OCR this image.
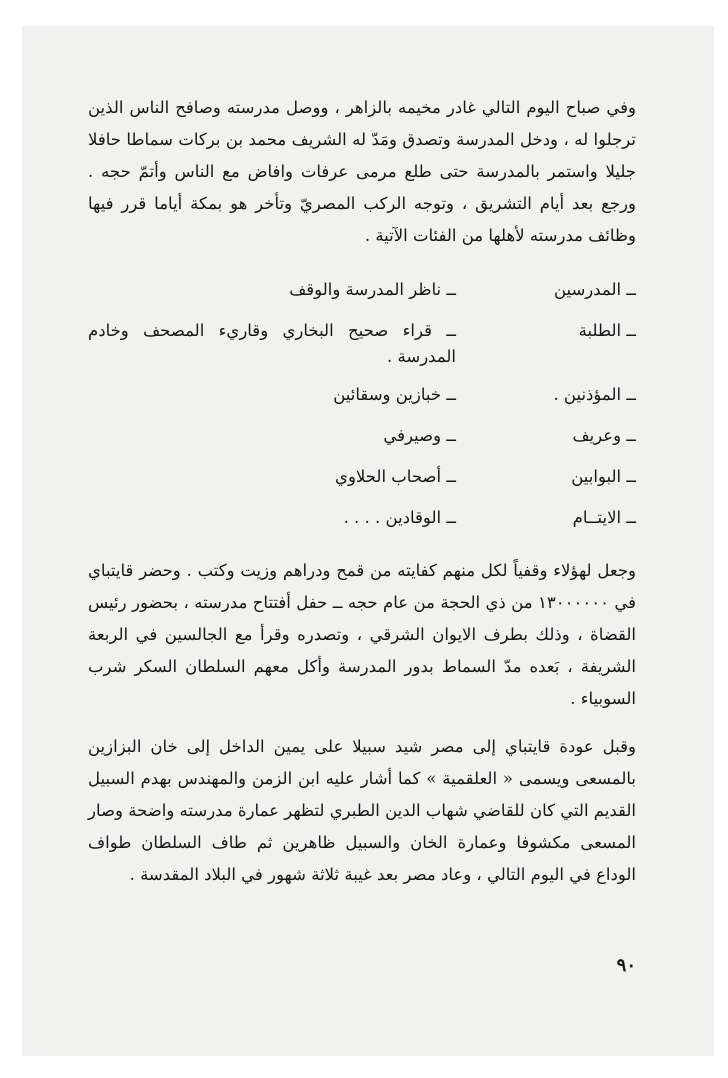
وفي صباح اليوم التالي غادر مخيمه بالزاهر ، ووصل مدرسته وصافح الناس الذين ترجلوا له ، ودخل المدرسة وتصدق ومَدّ له الشريف محمد بن بركات سماطا حافلا جليلا واستمر بالمدرسة حتى طلع مرمى عرفات وافاض مع الناس وأتمّ حجه . ورجع بعد أيام التشريق ، وتوجه الركب المصريّ وتأخر هو بمكة أياما قرر فيها وظائف مدرسته لأهلها من الفئات الآتية .

ــ المدرسين
ــ ناظر المدرسة والوقف
ــ الطلبة
ــ قراء صحيح البخاري وقاريء المصحف وخادم المدرسة .
ــ المؤذنين .
ــ خبازين وسقائين
ــ وعريف
ــ وصيرفي
ــ البوابين
ــ أصحاب الحلاوي
ــ الايتــام
ــ الوقادين . . . .

وجعل لهؤلاء وقفياً لكل منهم كفايته من قمح ودراهم وزيت وكتب . وحضر قايتباي في ١٣٠٠٠٠٠٠ من ذي الحجة من عام حجه ــ حفل أفتتاح مدرسته ، بحضور رئيس القضاة ، وذلك بطرف الايوان الشرقي ، وتصدره وقرأ مع الجالسين في الربعة الشريفة ، بَعده مدّ السماط بدور المدرسة وأكل معهم السلطان السكر شرب السوبياء .

وقبل عودة قايتباي إلى مصر شيد سبيلا على يمين الداخل إلى خان البزازين بالمسعى ويسمى « العلقمية » كما أشار عليه ابن الزمن والمهندس بهدم السبيل القديم التي كان للقاضي شهاب الدين الطبري لتظهر عمارة مدرسته واضحة وصار المسعى مكشوفا وعمارة الخان والسبيل ظاهرين ثم طاف السلطان طواف الوداع في اليوم التالي ، وعاد مصر بعد غيبة ثلاثة شهور في البلاد المقدسة .

٩٠
